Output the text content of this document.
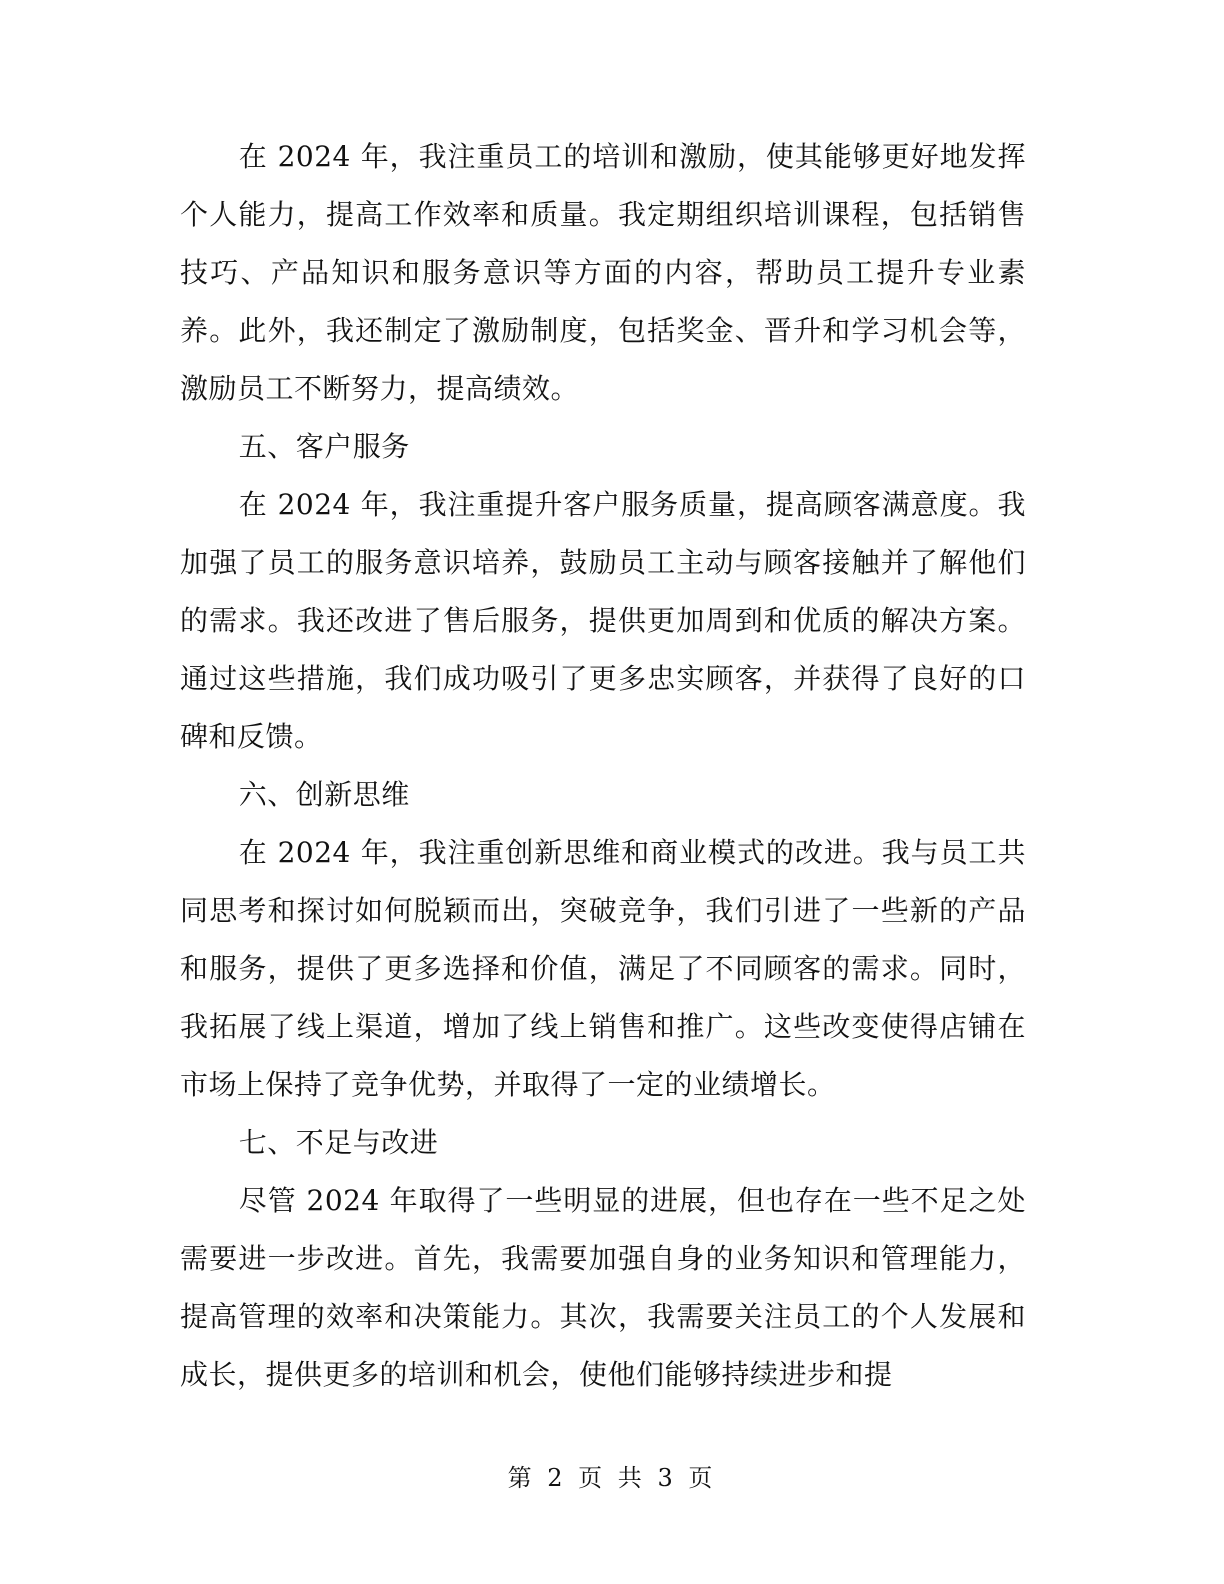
在 2024 年，我注重员工的培训和激励，使其能够更好地发挥个人能力，提高工作效率和质量。我定期组织培训课程，包括销售技巧、产品知识和服务意识等方面的内容，帮助员工提升专业素养。此外，我还制定了激励制度，包括奖金、晋升和学习机会等，激励员工不断努力，提高绩效。

五、客户服务

在 2024 年，我注重提升客户服务质量，提高顾客满意度。我加强了员工的服务意识培养，鼓励员工主动与顾客接触并了解他们的需求。我还改进了售后服务，提供更加周到和优质的解决方案。通过这些措施，我们成功吸引了更多忠实顾客，并获得了良好的口碑和反馈。

六、创新思维

在 2024 年，我注重创新思维和商业模式的改进。我与员工共同思考和探讨如何脱颖而出，突破竞争，我们引进了一些新的产品和服务，提供了更多选择和价值，满足了不同顾客的需求。同时，我拓展了线上渠道，增加了线上销售和推广。这些改变使得店铺在市场上保持了竞争优势，并取得了一定的业绩增长。

七、不足与改进

尽管 2024 年取得了一些明显的进展，但也存在一些不足之处需要进一步改进。首先，我需要加强自身的业务知识和管理能力，提高管理的效率和决策能力。其次，我需要关注员工的个人发展和成长，提供更多的培训和机会，使他们能够持续进步和提

第 2 页 共 3 页
